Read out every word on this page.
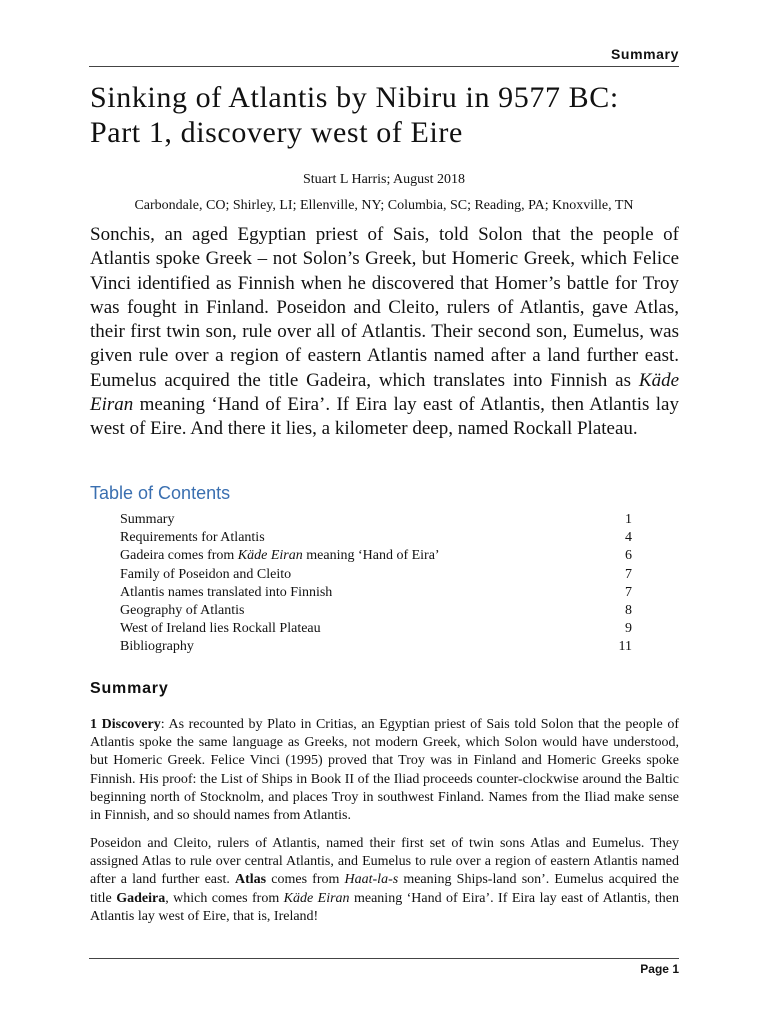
Summary
Sinking of Atlantis by Nibiru in 9577 BC:
Part 1, discovery west of Eire
Stuart L Harris; August 2018
Carbondale, CO; Shirley, LI; Ellenville, NY; Columbia, SC; Reading, PA; Knoxville, TN

Sonchis, an aged Egyptian priest of Sais, told Solon that the people of Atlantis spoke Greek – not Solon’s Greek, but Homeric Greek, which Felice Vinci identified as Finnish when he discovered that Homer’s battle for Troy was fought in Finland. Poseidon and Cleito, rulers of Atlantis, gave Atlas, their first twin son, rule over all of Atlantis. Their second son, Eumelus, was given rule over a region of eastern Atlantis named after a land further east. Eumelus acquired the title Gadeira, which translates into Finnish as Käde Eiran meaning ‘Hand of Eira’. If Eira lay east of Atlantis, then Atlantis lay west of Eire. And there it lies, a kilometer deep, named Rockall Plateau.

Table of Contents
Summary	1
Requirements for Atlantis	4
Gadeira comes from Käde Eiran meaning ‘Hand of Eira’	6
Family of Poseidon and Cleito	7
Atlantis names translated into Finnish	7
Geography of Atlantis	8
West of Ireland lies Rockall Plateau	9
Bibliography	11
Summary

1 Discovery: As recounted by Plato in Critias, an Egyptian priest of Sais told Solon that the people of Atlantis spoke the same language as Greeks, not modern Greek, which Solon would have understood, but Homeric Greek. Felice Vinci (1995) proved that Troy was in Finland and Homeric Greeks spoke Finnish. His proof: the List of Ships in Book II of the Iliad proceeds counter-clockwise around the Baltic beginning north of Stocknolm, and places Troy in southwest Finland. Names from the Iliad make sense in Finnish, and so should names from Atlantis.

Poseidon and Cleito, rulers of Atlantis, named their first set of twin sons Atlas and Eumelus. They assigned Atlas to rule over central Atlantis, and Eumelus to rule over a region of eastern Atlantis named after a land further east. Atlas comes from Haat-la-s meaning Ships-land son’. Eumelus acquired the title Gadeira, which comes from Käde Eiran meaning ‘Hand of Eira’. If Eira lay east of Atlantis, then Atlantis lay west of Eire, that is, Ireland!

Page 1
